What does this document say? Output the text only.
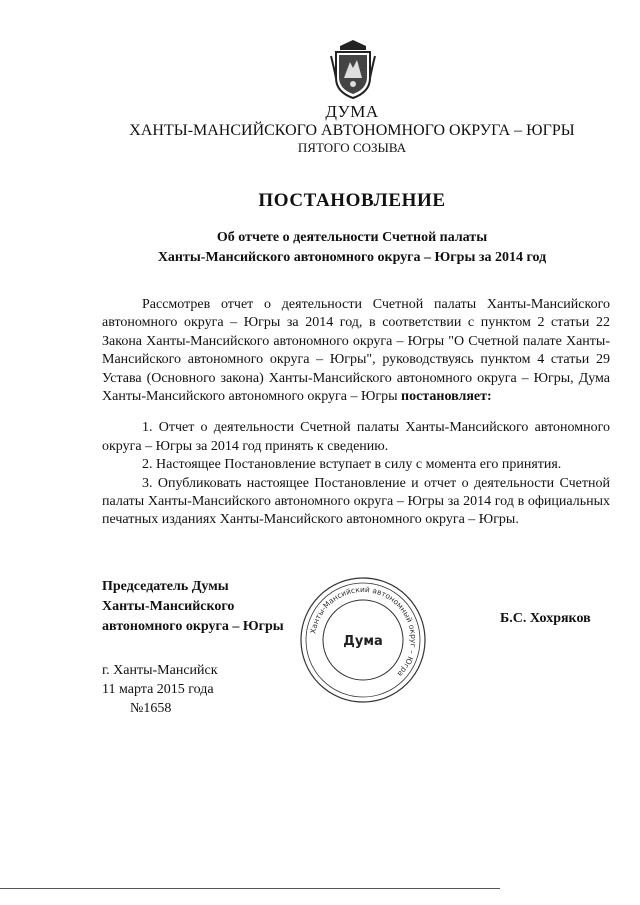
ДУМА
ХАНТЫ-МАНСИЙСКОГО АВТОНОМНОГО ОКРУГА – ЮГРЫ
ПЯТОГО СОЗЫВА
ПОСТАНОВЛЕНИЕ
Об отчете о деятельности Счетной палаты
Ханты-Мансийского автономного округа – Югры за 2014 год

Рассмотрев отчет о деятельности Счетной палаты Ханты-Мансийского автономного округа – Югры за 2014 год, в соответствии с пунктом 2 статьи 22 Закона Ханты-Мансийского автономного округа – Югры "О Счетной палате Ханты-Мансийского автономного округа – Югры", руководствуясь пунктом 4 статьи 29 Устава (Основного закона) Ханты-Мансийского автономного округа – Югры, Дума Ханты-Мансийского автономного округа – Югры постановляет:

1. Отчет о деятельности Счетной палаты Ханты-Мансийского автономного округа – Югры за 2014 год принять к сведению.

2. Настоящее Постановление вступает в силу с момента его принятия.

3. Опубликовать настоящее Постановление и отчет о деятельности Счетной палаты Ханты-Мансийского автономного округа – Югры за 2014 год в официальных печатных изданиях Ханты-Мансийского автономного округа – Югры.

Председатель Думы
Ханты-Мансийского
автономного округа – Югры	Ханты-Мансийский автономный округ – Югра
Дума
Б.С. Хохряков
г. Ханты-Мансийск
11 марта 2015 года
№1658
